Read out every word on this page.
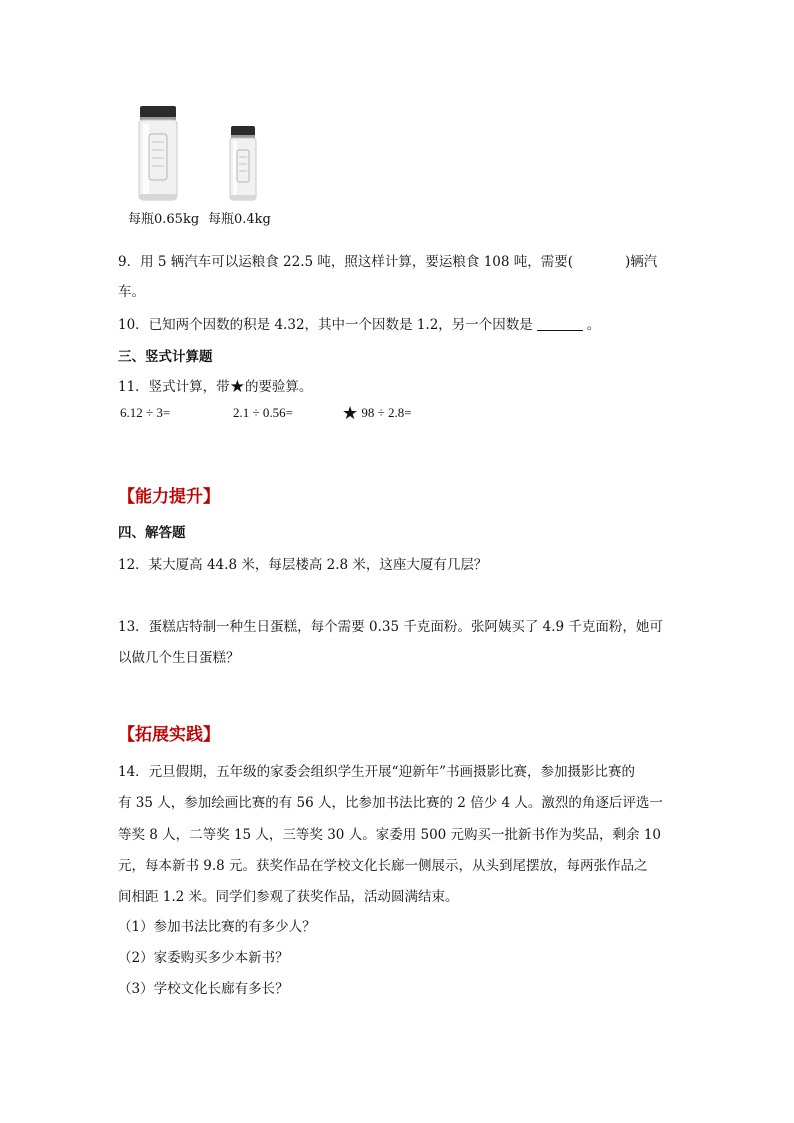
每瓶0.65kg 每瓶0.4kg
9．用 5 辆汽车可以运粮食 22.5 吨，照这样计算，要运粮食 108 吨，需要(	)辆汽
车。
10．已知两个因数的积是 4.32，其中一个因数是 1.2，另一个因数是	。
三、竖式计算题
11．竖式计算，带★的要验算。
6.12 ÷ 3=	2.1 ÷ 0.56=	★ 98 ÷ 2.8=
【能力提升】
四、解答题
12．某大厦高 44.8 米，每层楼高 2.8 米，这座大厦有几层？
13．蛋糕店特制一种生日蛋糕，每个需要 0.35 千克面粉。张阿姨买了 4.9 千克面粉，她可
以做几个生日蛋糕？
【拓展实践】
14．元旦假期，五年级的家委会组织学生开展“迎新年”书画摄影比赛，参加摄影比赛的
有 35 人，参加绘画比赛的有 56 人，比参加书法比赛的 2 倍少 4 人。激烈的角逐后评选一
等奖 8 人，二等奖 15 人，三等奖 30 人。家委用 500 元购买一批新书作为奖品，剩余 10
元，每本新书 9.8 元。获奖作品在学校文化长廊一侧展示，从头到尾摆放，每两张作品之
间相距 1.2 米。同学们参观了获奖作品，活动圆满结束。
（1）参加书法比赛的有多少人？
（2）家委购买多少本新书？
（3）学校文化长廊有多长？
